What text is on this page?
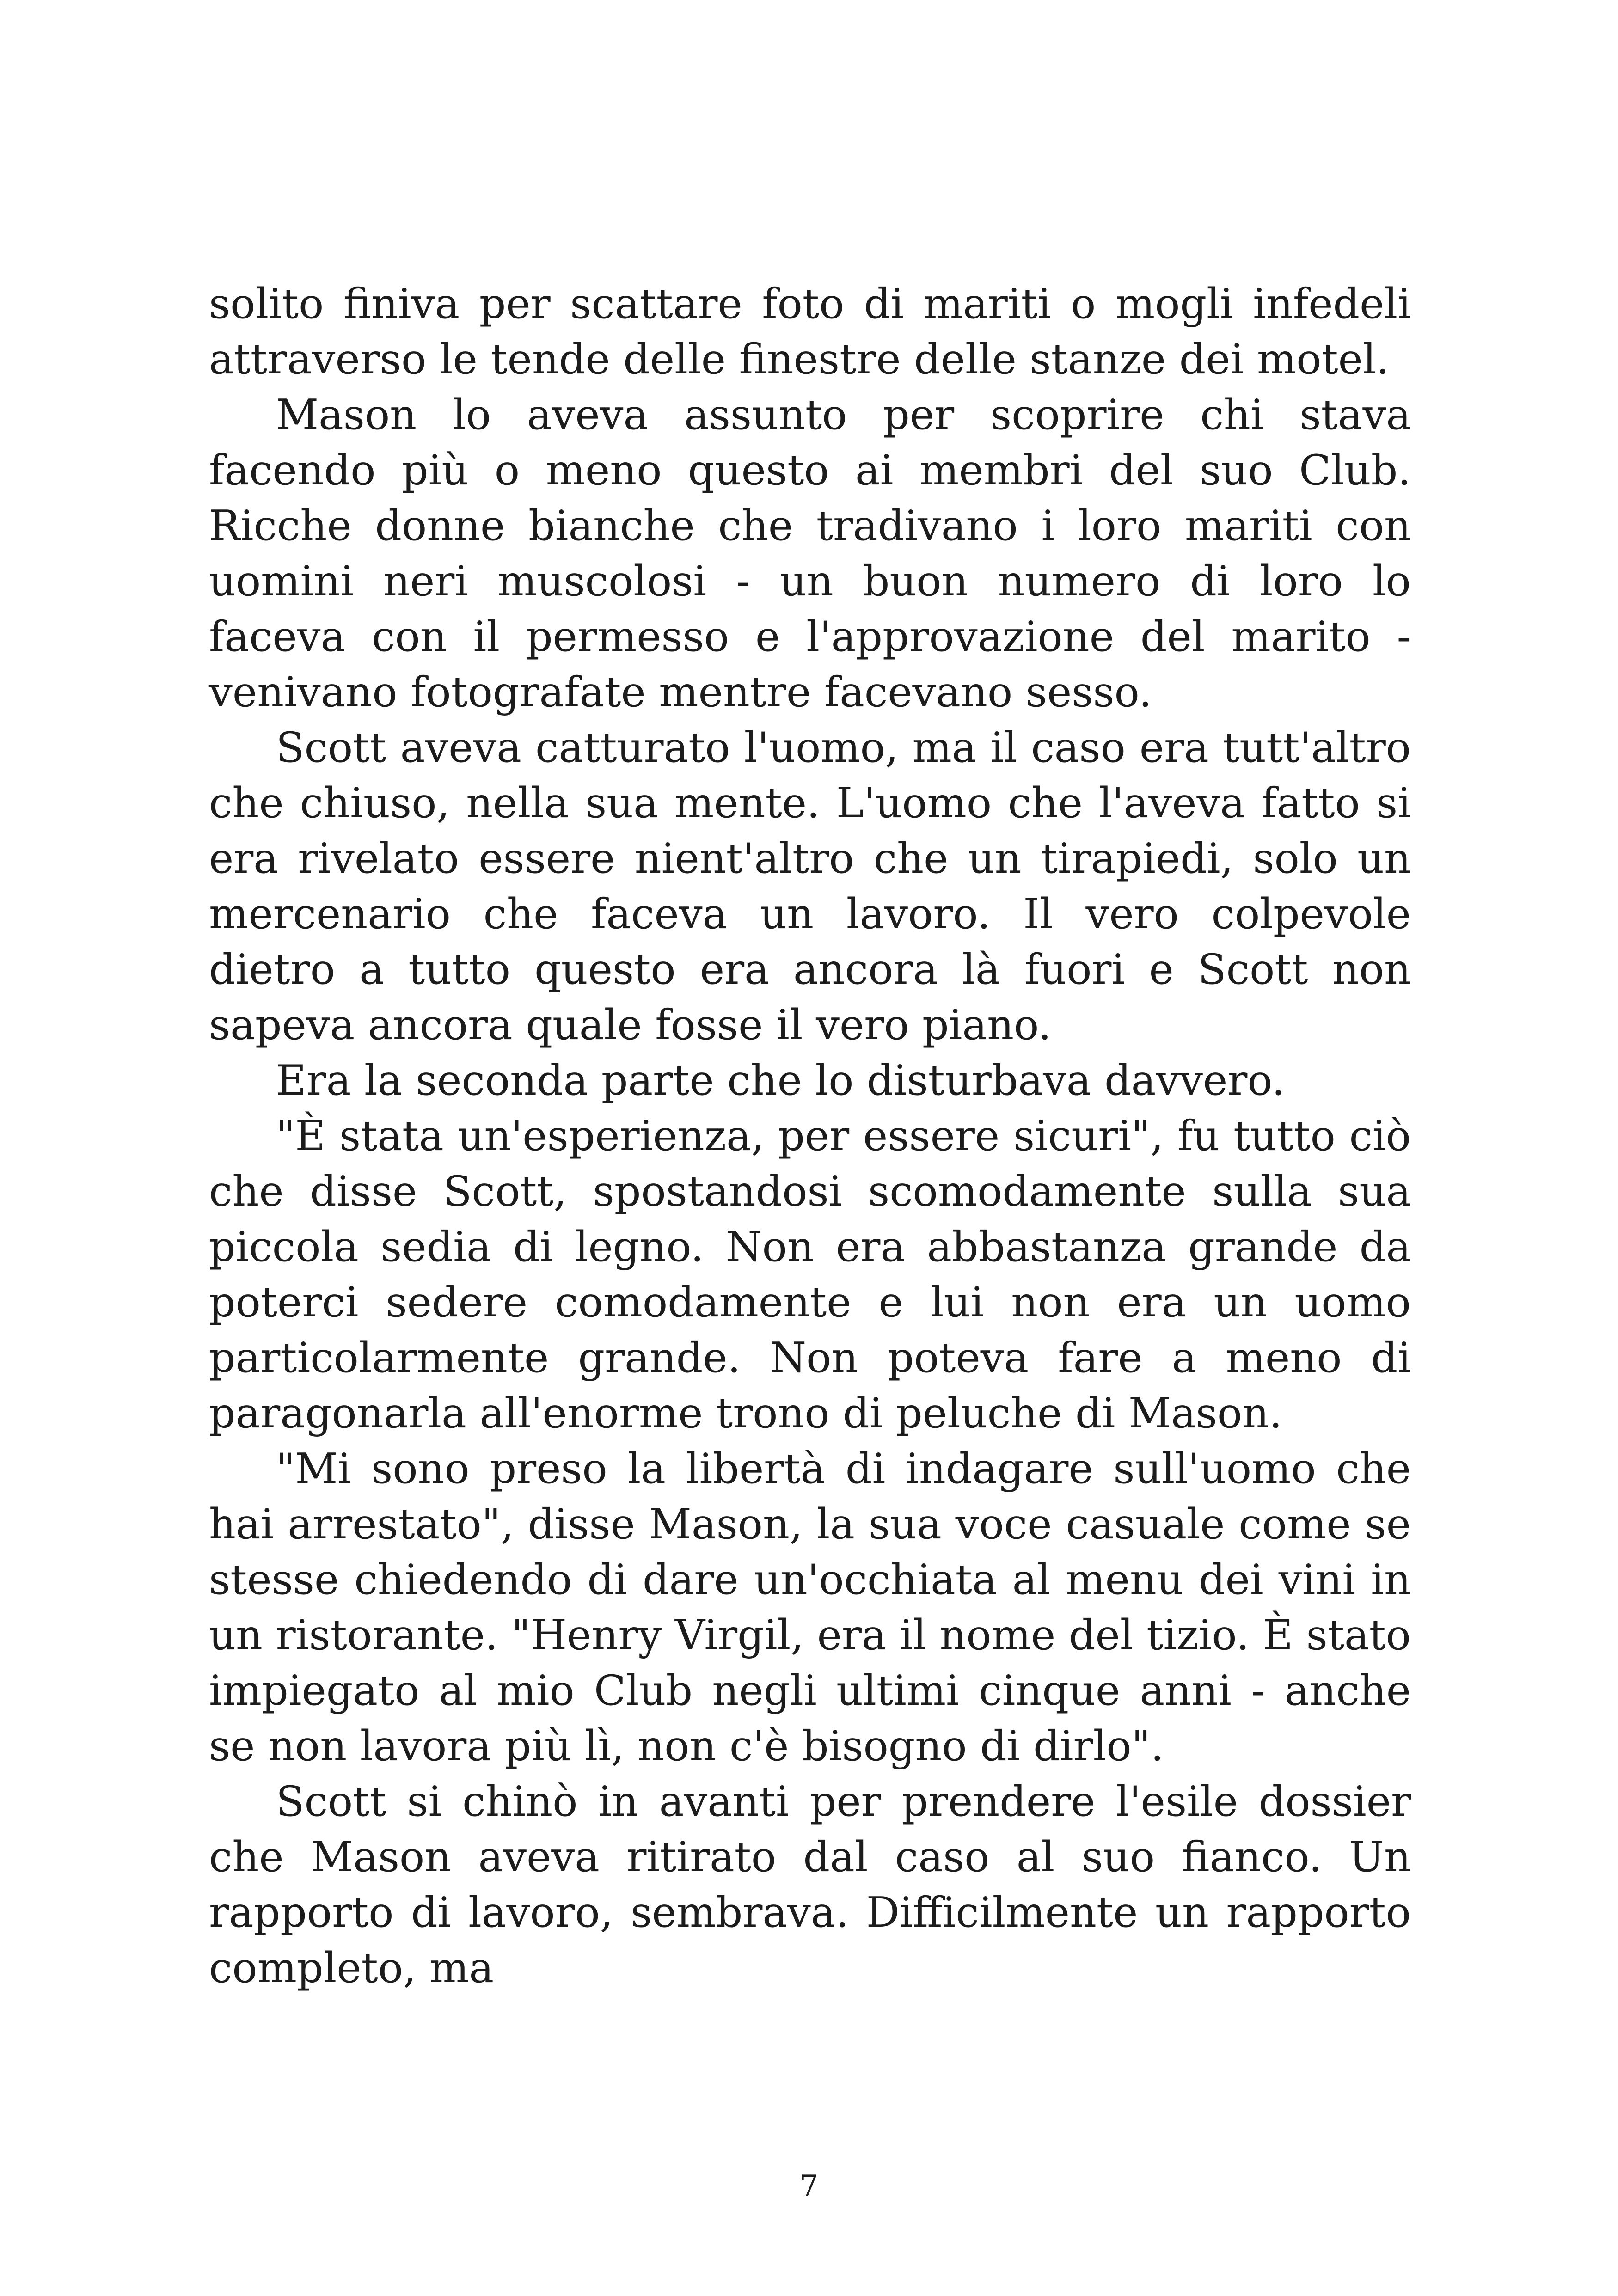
solito finiva per scattare foto di mariti o mogli infedeli attraverso le tende delle finestre delle stanze dei motel.

Mason lo aveva assunto per scoprire chi stava facendo più o meno questo ai membri del suo Club. Ricche donne bianche che tradivano i loro mariti con uomini neri muscolosi - un buon numero di loro lo faceva con il permesso e l'approvazione del marito - venivano fotografate mentre facevano sesso.

Scott aveva catturato l'uomo, ma il caso era tutt'altro che chiuso, nella sua mente. L'uomo che l'aveva fatto si era rivelato essere nient'altro che un tirapiedi, solo un mercenario che faceva un lavoro. Il vero colpevole dietro a tutto questo era ancora là fuori e Scott non sapeva ancora quale fosse il vero piano.

Era la seconda parte che lo disturbava davvero.

"È stata un'esperienza, per essere sicuri", fu tutto ciò che disse Scott, spostandosi scomodamente sulla sua piccola sedia di legno. Non era abbastanza grande da poterci sedere comodamente e lui non era un uomo particolarmente grande. Non poteva fare a meno di paragonarla all'enorme trono di peluche di Mason.

"Mi sono preso la libertà di indagare sull'uomo che hai arrestato", disse Mason, la sua voce casuale come se stesse chiedendo di dare un'occhiata al menu dei vini in un ristorante. "Henry Virgil, era il nome del tizio. È stato impiegato al mio Club negli ultimi cinque anni - anche se non lavora più lì, non c'è bisogno di dirlo".

Scott si chinò in avanti per prendere l'esile dossier che Mason aveva ritirato dal caso al suo fianco. Un rapporto di lavoro, sembrava. Difficilmente un rapporto completo, ma

7
